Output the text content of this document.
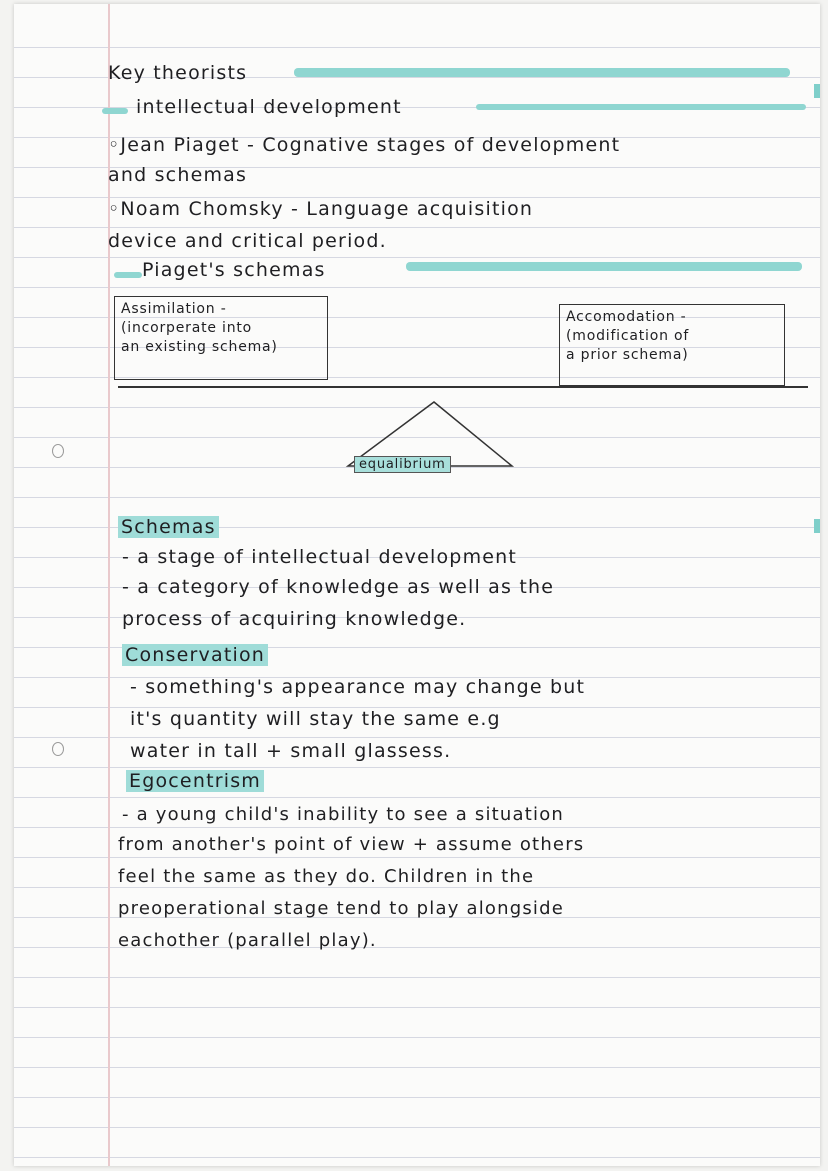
Key theorists
intellectual development
◦Jean Piaget - Cognative stages of development
and schemas
◦Noam Chomsky - Language acquisition
device and critical period.
Piaget's schemas
Assimilation -
(incorperate into
an existing schema)
Accomodation -
(modification of
a prior schema)
equalibrium
Schemas
- a stage of intellectual development
- a category of knowledge as well as the
process of acquiring knowledge.
Conservation
- something's appearance may change but
it's quantity will stay the same e.g
water in tall + small glassess.
Egocentrism
- a young child's inability to see a situation
from another's point of view + assume others
feel the same as they do. Children in the
preoperational stage tend to play alongside
eachother (parallel play).
